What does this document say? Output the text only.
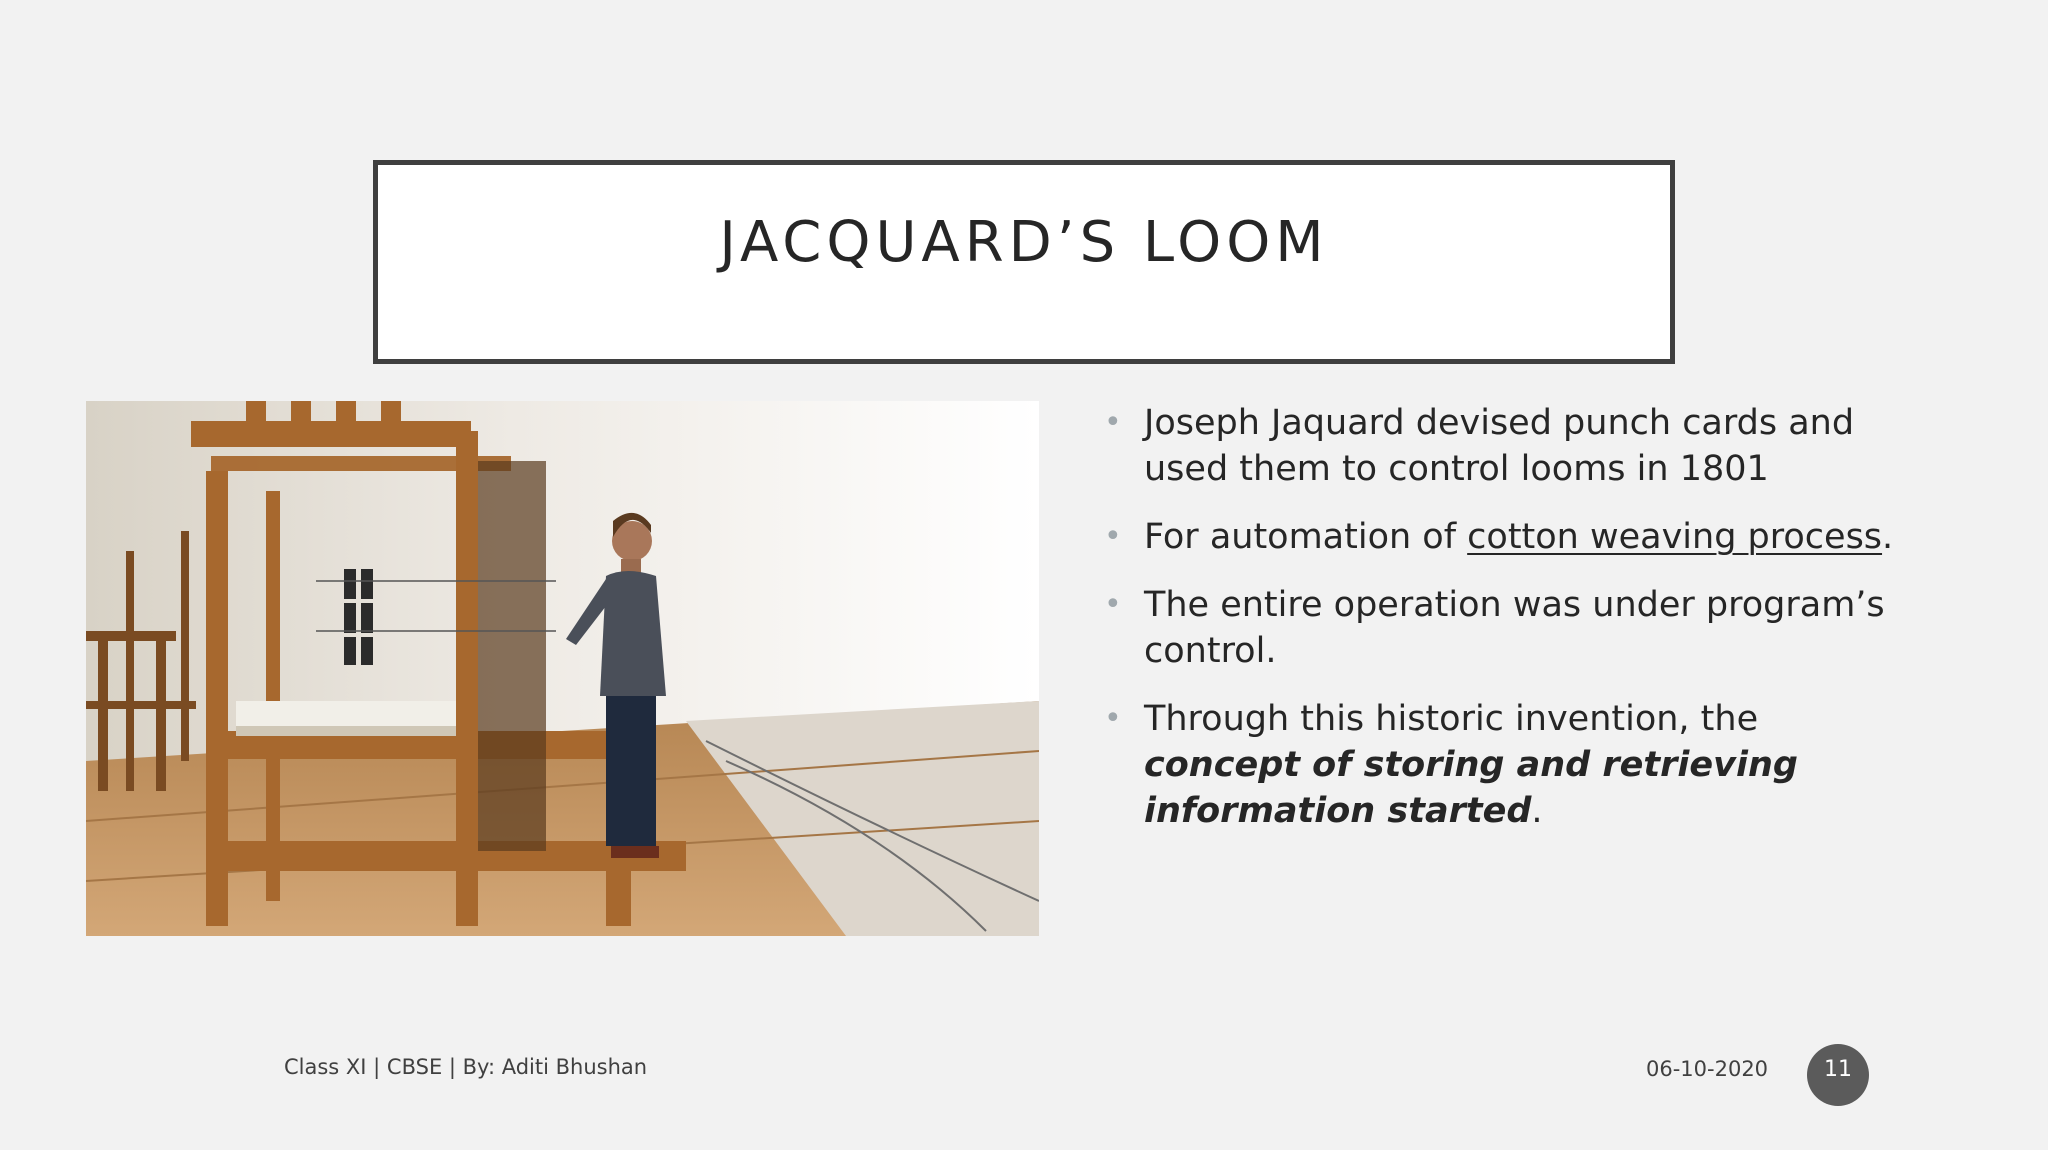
JACQUARD’S LOOM
• Joseph Jaquard devised punch cards and used them to control looms in 1801
• For automation of cotton weaving process.
• The entire operation was under program’s control.
• Through this historic invention, the
concept of storing and retrieving information started.
Class XI | CBSE | By: Aditi Bhushan	06-10-2020	11
